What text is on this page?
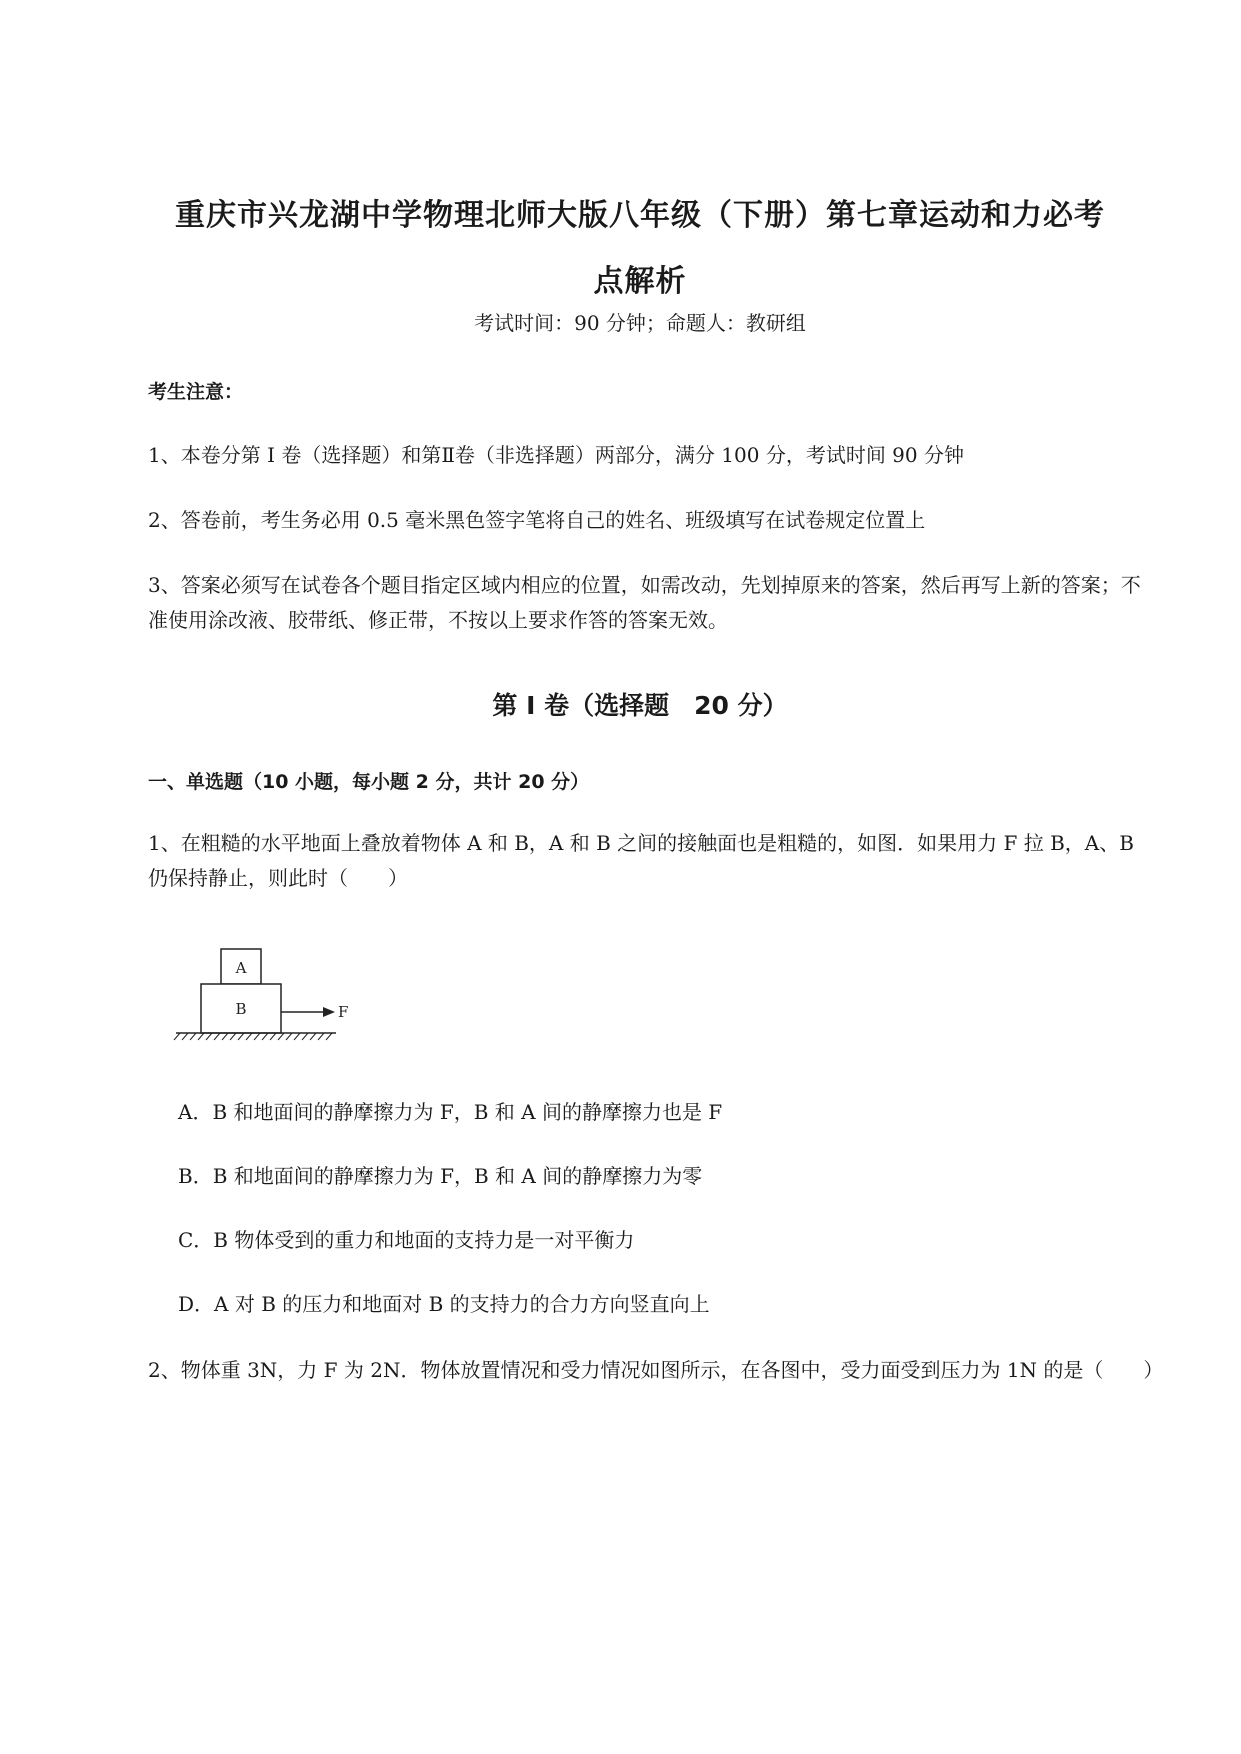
重庆市兴龙湖中学物理北师大版八年级（下册）第七章运动和力必考
点解析
考试时间：90 分钟；命题人：教研组
考生注意：
1、本卷分第 I 卷（选择题）和第Ⅱ卷（非选择题）两部分，满分 100 分，考试时间 90 分钟
2、答卷前，考生务必用 0.5 毫米黑色签字笔将自己的姓名、班级填写在试卷规定位置上
3、答案必须写在试卷各个题目指定区域内相应的位置，如需改动，先划掉原来的答案，然后再写上新的答案；不准使用涂改液、胶带纸、修正带，不按以上要求作答的答案无效。
第 I 卷（选择题　20 分）
一、单选题（10 小题，每小题 2 分，共计 20 分）
1、在粗糙的水平地面上叠放着物体 A 和 B，A 和 B 之间的接触面也是粗糙的，如图．如果用力 F 拉 B，A、B 仍保持静止，则此时（　　）
A
B	F
A．B 和地面间的静摩擦力为 F，B 和 A 间的静摩擦力也是 F
B．B 和地面间的静摩擦力为 F，B 和 A 间的静摩擦力为零
C．B 物体受到的重力和地面的支持力是一对平衡力
D．A 对 B 的压力和地面对 B 的支持力的合力方向竖直向上
2、物体重 3N，力 F 为 2N．物体放置情况和受力情况如图所示，在各图中，受力面受到压力为 1N 的是（　　）
